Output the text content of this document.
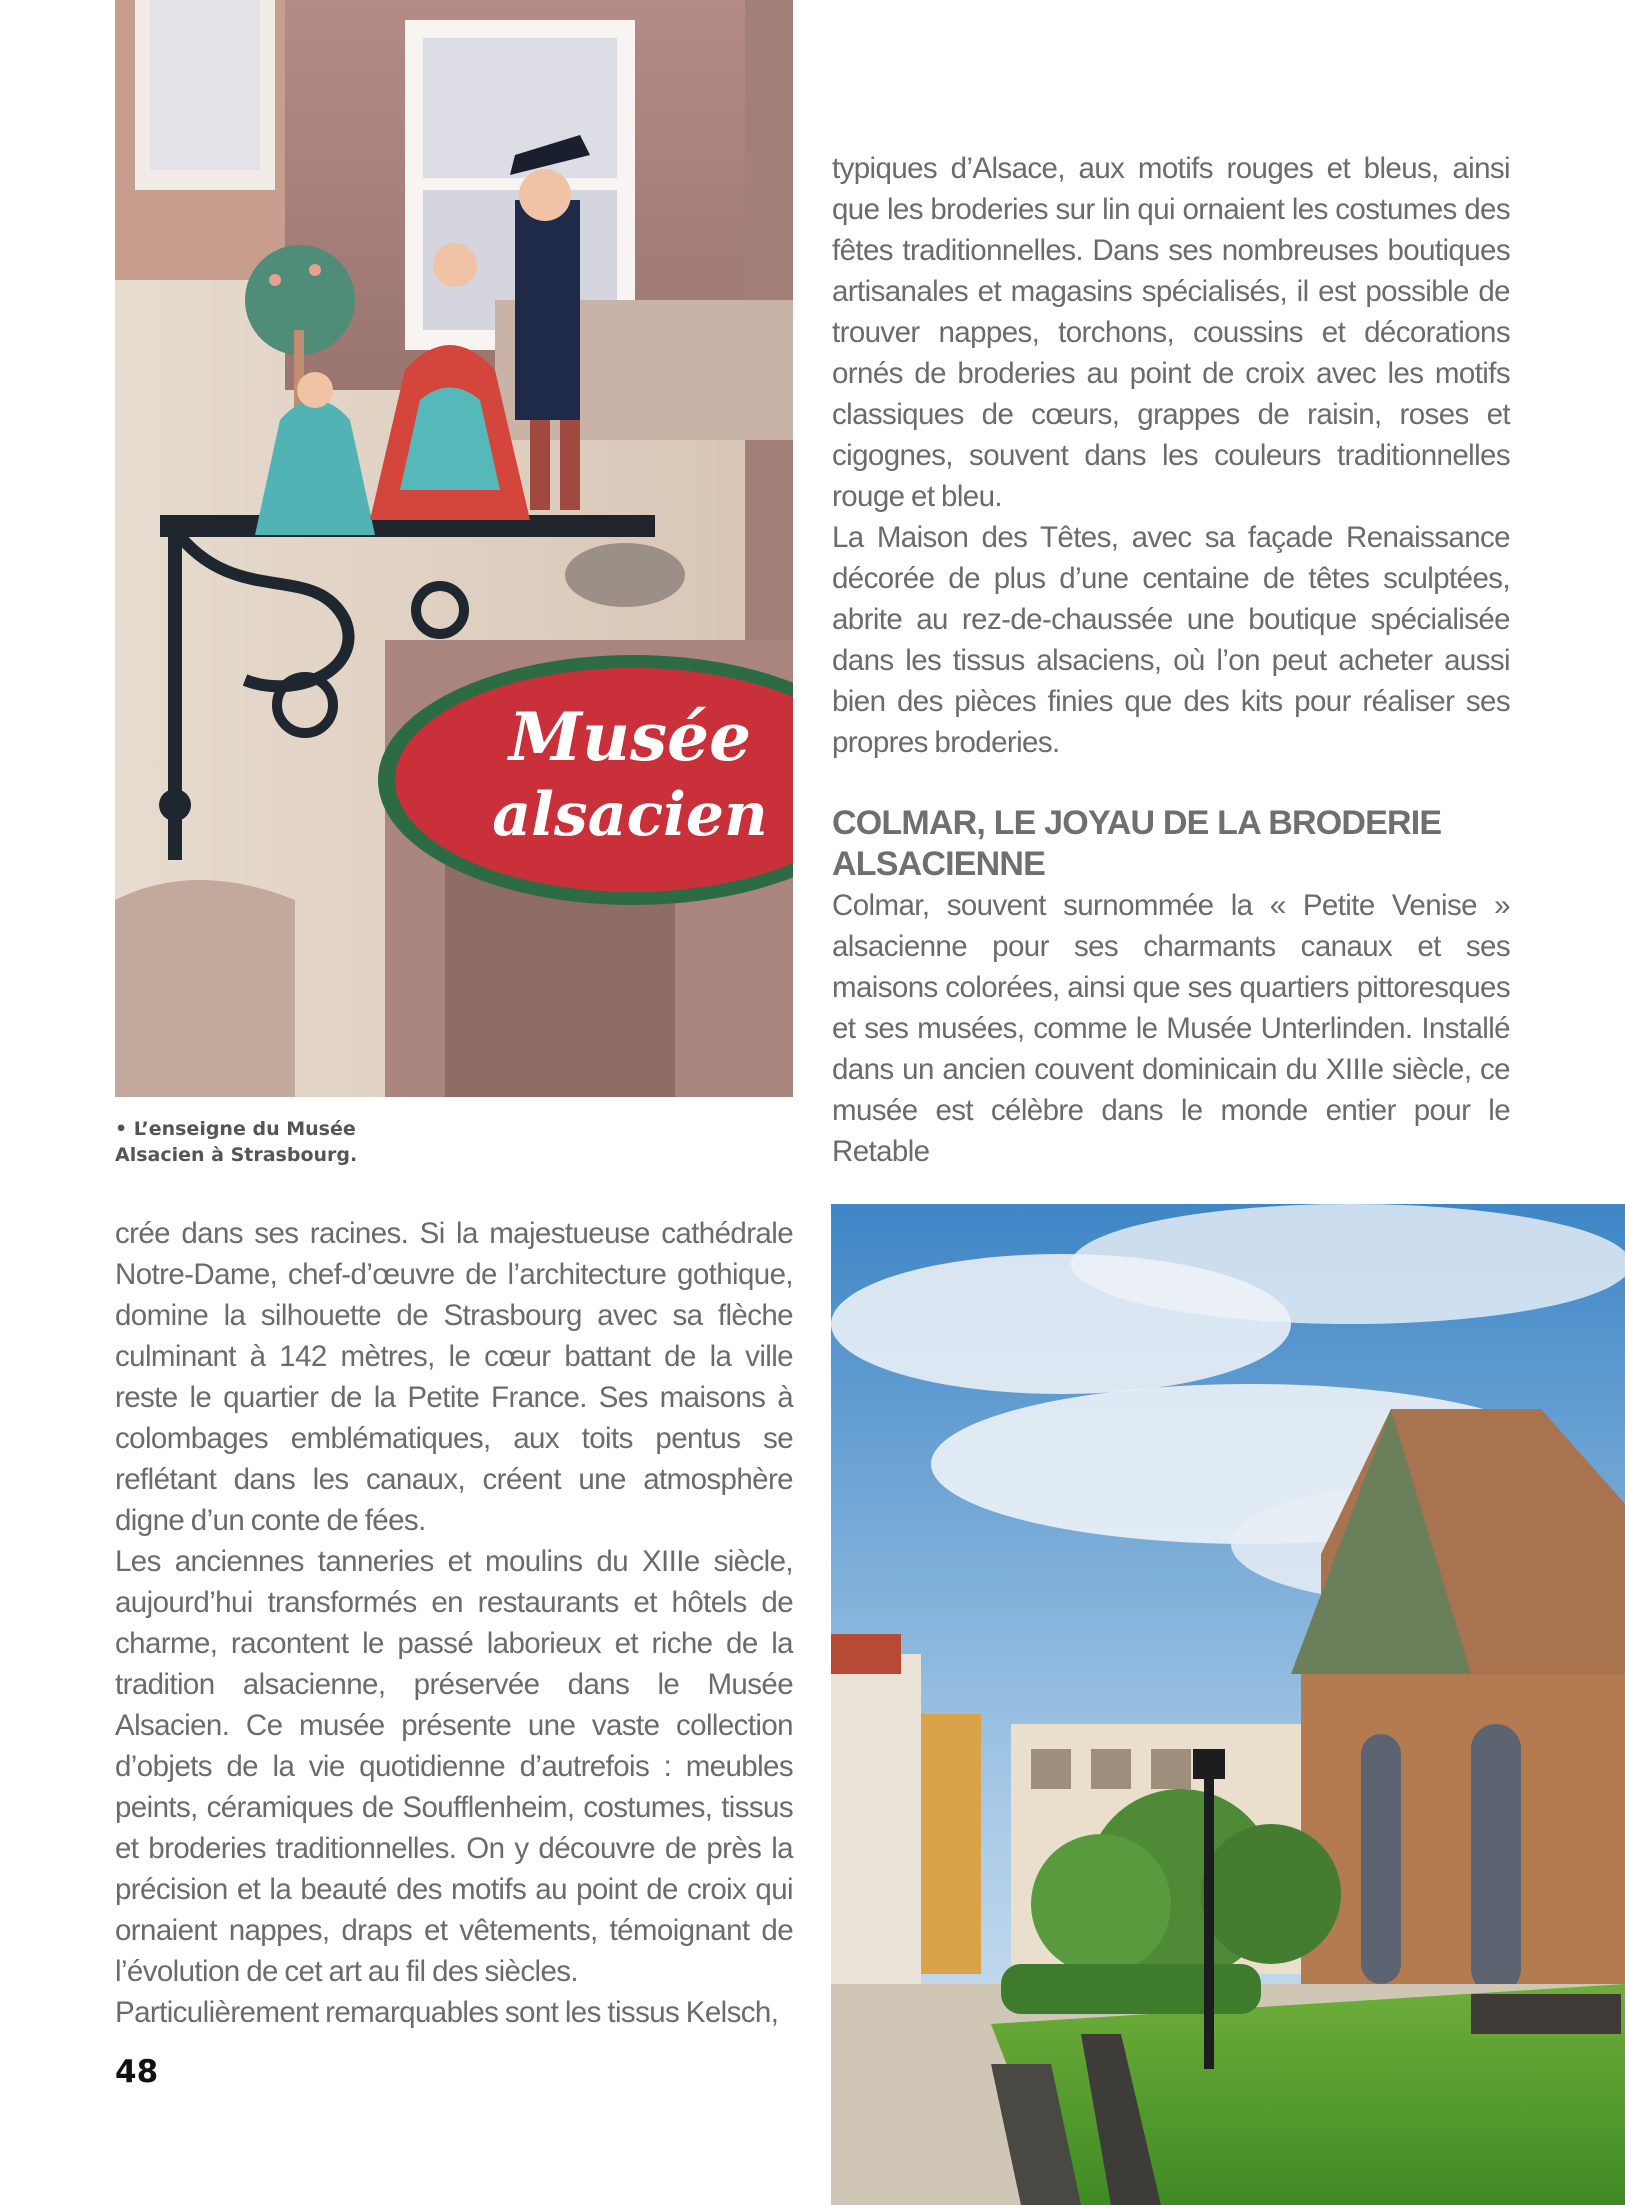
Musée
alsacien
• L’enseigne du Musée Alsacien à Strasbourg.

typiques d’Alsace, aux motifs rouges et bleus, ainsi que les broderies sur lin qui ornaient les costumes des fêtes traditionnelles. Dans ses nombreuses boutiques artisanales et magasins spécialisés, il est possible de trouver nappes, torchons, coussins et décorations ornés de broderies au point de croix avec les motifs classiques de cœurs, grappes de raisin, roses et cigognes, souvent dans les couleurs traditionnelles rouge et bleu.

La Maison des Têtes, avec sa façade Renaissance décorée de plus d’une centaine de têtes sculptées, abrite au rez-de-chaussée une boutique spécialisée dans les tissus alsaciens, où l’on peut acheter aussi bien des pièces finies que des kits pour réaliser ses propres broderies.

COLMAR, LE JOYAU DE LA BRODERIE ALSACIENNE

Colmar, souvent surnommée la « Petite Venise » alsacienne pour ses charmants canaux et ses maisons colorées, ainsi que ses quartiers pittoresques et ses musées, comme le Musée Unterlinden. Installé dans un ancien couvent dominicain du XIIIe siècle, ce musée est célèbre dans le monde entier pour le Retable

crée dans ses racines. Si la majestueuse cathédrale Notre-Dame, chef-d’œuvre de l’architecture gothique, domine la silhouette de Strasbourg avec sa flèche culminant à 142 mètres, le cœur battant de la ville reste le quartier de la Petite France. Ses maisons à colombages emblématiques, aux toits pentus se reflétant dans les canaux, créent une atmosphère digne d’un conte de fées.

Les anciennes tanneries et moulins du XIIIe siècle, aujourd’hui transformés en restaurants et hôtels de charme, racontent le passé laborieux et riche de la tradition alsacienne, préservée dans le Musée Alsacien. Ce musée présente une vaste collection d’objets de la vie quotidienne d’autrefois : meubles peints, céramiques de Soufflenheim, costumes, tissus et broderies traditionnelles. On y découvre de près la précision et la beauté des motifs au point de croix qui ornaient nappes, draps et vêtements, témoignant de l’évolution de cet art au fil des siècles.

Particulièrement remarquables sont les tissus Kelsch,

48
